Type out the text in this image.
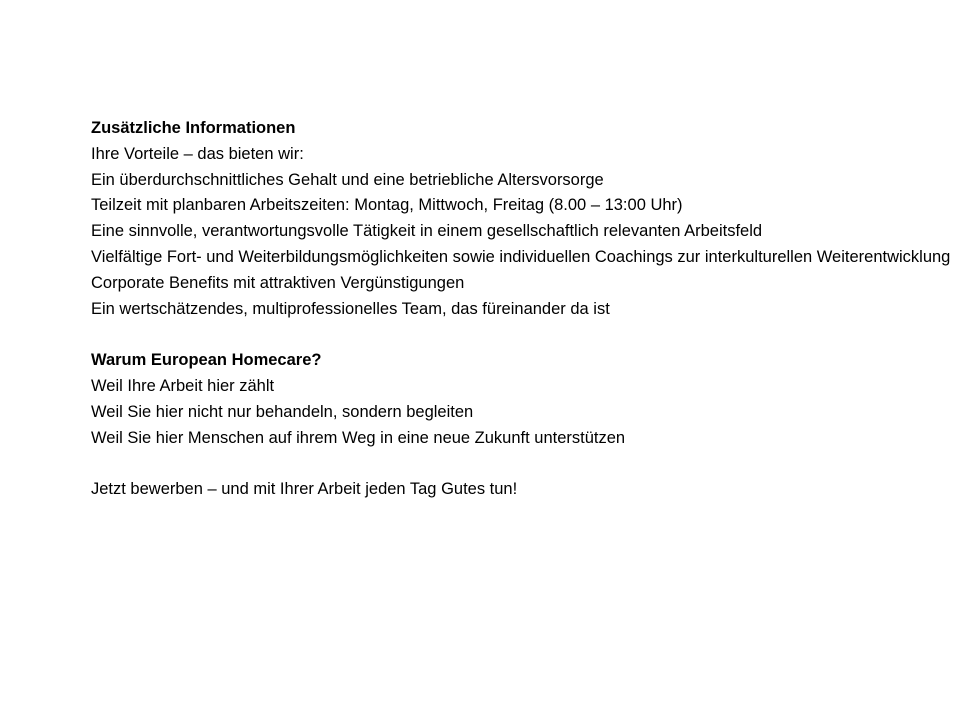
Zusätzliche Informationen

Ihre Vorteile – das bieten wir:

Ein überdurchschnittliches Gehalt und eine betriebliche Altersvorsorge

Teilzeit mit planbaren Arbeitszeiten: Montag, Mittwoch, Freitag (8.00 – 13:00 Uhr)

Eine sinnvolle, verantwortungsvolle Tätigkeit in einem gesellschaftlich relevanten Arbeitsfeld

Vielfältige Fort- und Weiterbildungsmöglichkeiten sowie individuellen Coachings zur interkulturellen Weiterentwicklung

Corporate Benefits mit attraktiven Vergünstigungen

Ein wertschätzendes, multiprofessionelles Team, das füreinander da ist

Warum European Homecare?

Weil Ihre Arbeit hier zählt

Weil Sie hier nicht nur behandeln, sondern begleiten

Weil Sie hier Menschen auf ihrem Weg in eine neue Zukunft unterstützen

Jetzt bewerben – und mit Ihrer Arbeit jeden Tag Gutes tun!
